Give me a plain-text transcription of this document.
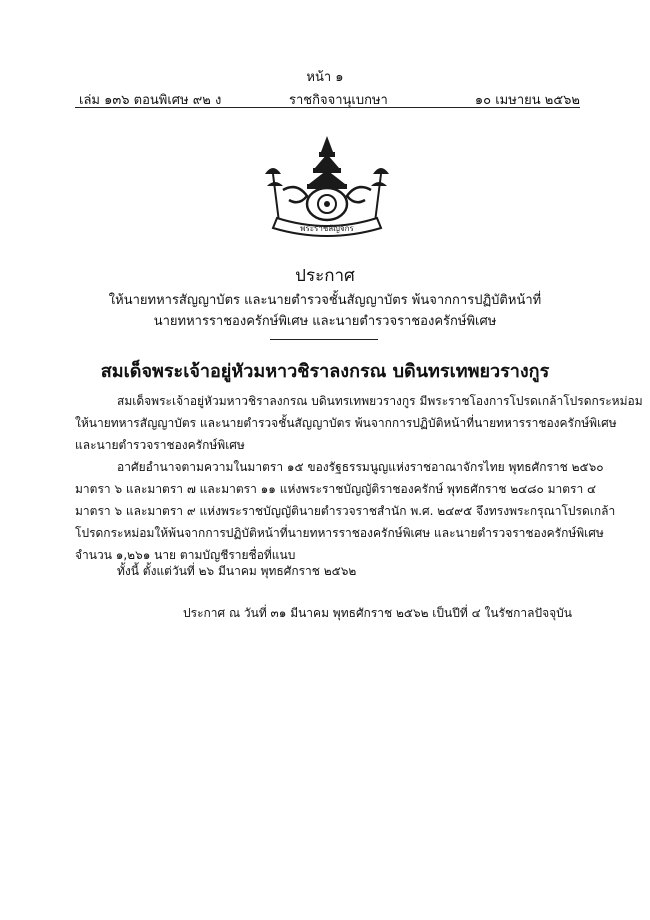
หน้า ๑
เล่ม ๑๓๖ ตอนพิเศษ ๙๒ ง	ราชกิจจานุเบกษา	๑๐ เมษายน ๒๕๖๒
พระราชลัญจกร
ประกาศ
ให้นายทหารสัญญาบัตร และนายตำรวจชั้นสัญญาบัตร พ้นจากการปฏิบัติหน้าที่
นายทหารราชองครักษ์พิเศษ และนายตำรวจราชองครักษ์พิเศษ
สมเด็จพระเจ้าอยู่หัวมหาวชิราลงกรณ บดินทรเทพยวรางกูร
สมเด็จพระเจ้าอยู่หัวมหาวชิราลงกรณ บดินทรเทพยวรางกูร มีพระราชโองการโปรดเกล้าโปรดกระหม่อม
ให้นายทหารสัญญาบัตร และนายตำรวจชั้นสัญญาบัตร พ้นจากการปฏิบัติหน้าที่นายทหารราชองครักษ์พิเศษ
และนายตำรวจราชองครักษ์พิเศษ
อาศัยอำนาจตามความในมาตรา ๑๕ ของรัฐธรรมนูญแห่งราชอาณาจักรไทย พุทธศักราช ๒๕๖๐
มาตรา ๖ และมาตรา ๗ และมาตรา ๑๑ แห่งพระราชบัญญัติราชองครักษ์ พุทธศักราช ๒๔๘๐ มาตรา ๔
มาตรา ๖ และมาตรา ๙ แห่งพระราชบัญญัตินายตำรวจราชสำนัก พ.ศ. ๒๔๙๕ จึงทรงพระกรุณาโปรดเกล้า
โปรดกระหม่อมให้พ้นจากการปฏิบัติหน้าที่นายทหารราชองครักษ์พิเศษ และนายตำรวจราชองครักษ์พิเศษ
จำนวน ๑,๒๖๑ นาย ตามบัญชีรายชื่อที่แนบ
ทั้งนี้ ตั้งแต่วันที่ ๒๖ มีนาคม พุทธศักราช ๒๕๖๒
ประกาศ ณ วันที่ ๓๑ มีนาคม พุทธศักราช ๒๕๖๒ เป็นปีที่ ๔ ในรัชกาลปัจจุบัน
